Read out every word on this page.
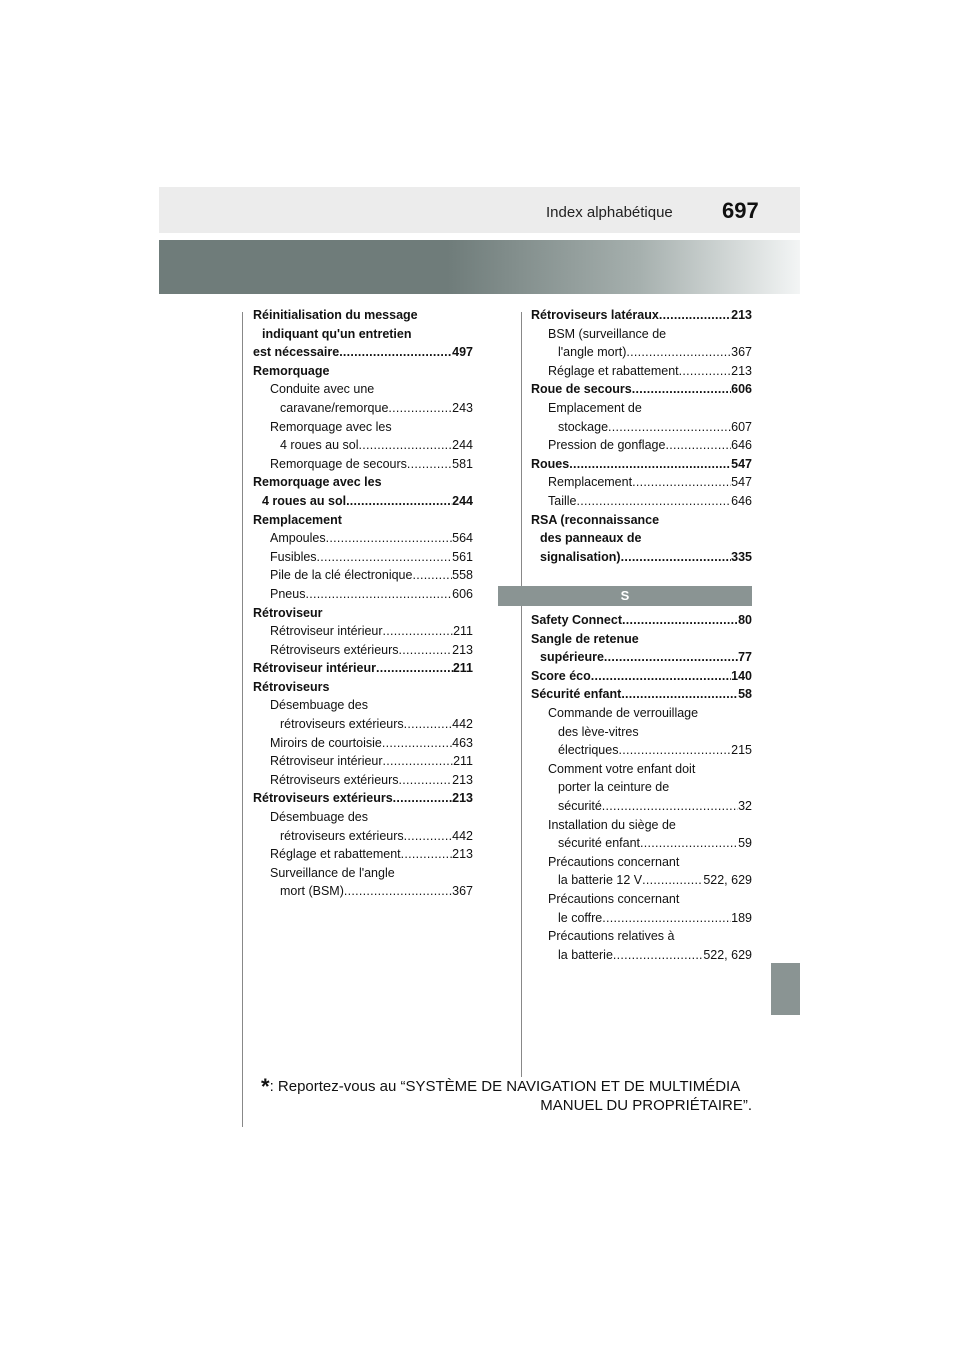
Index alphabétique 697
Réinitialisation du message
indiquant qu'un entretien
est nécessaire . . .	497
Remorquage
Conduite avec une
caravane/remorque . . .	243
Remorquage avec les
4 roues au sol . . .	244
Remorquage de secours . . .	581
Remorquage avec les
4 roues au sol . . .	244
Remplacement
Ampoules . . .	564
Fusibles . . .	561
Pile de la clé électronique . . .	558
Pneus . . .	606
Rétroviseur
Rétroviseur intérieur . . .	211
Rétroviseurs extérieurs . . .	213
Rétroviseur intérieur . . .	211
Rétroviseurs
Désembuage des
rétroviseurs extérieurs . . .	442
Miroirs de courtoisie . . .	463
Rétroviseur intérieur . . .	211
Rétroviseurs extérieurs . . .	213
Rétroviseurs extérieurs . . .	213
Désembuage des
rétroviseurs extérieurs . . .	442
Réglage et rabattement . . .	213
Surveillance de l'angle
mort (BSM) . . .	367
Rétroviseurs latéraux . . .	213
BSM (surveillance de
l'angle mort) . . .	367
Réglage et rabattement . . .	213
Roue de secours . . .	606
Emplacement de
stockage . . .	607
Pression de gonflage . . .	646
Roues . . .	547
Remplacement . . .	547
Taille . . .	646
RSA (reconnaissance
des panneaux de
signalisation) . . .	335
S
Safety Connect . . .	80
Sangle de retenue
supérieure . . .	77
Score éco . . .	140
Sécurité enfant . . .	58
Commande de verrouillage
des lève-vitres
électriques . . .	215
Comment votre enfant doit
porter la ceinture de
sécurité . . .	32
Installation du siège de
sécurité enfant . . .	59
Précautions concernant
la batterie 12 V . . .	522, 629
Précautions concernant
le coffre . . .	189
Précautions relatives à
la batterie . . .	522, 629
*: Reportez-vous au “SYSTÈME DE NAVIGATION ET DE MULTIMÉDIA
MANUEL DU PROPRIÉTAIRE”.
